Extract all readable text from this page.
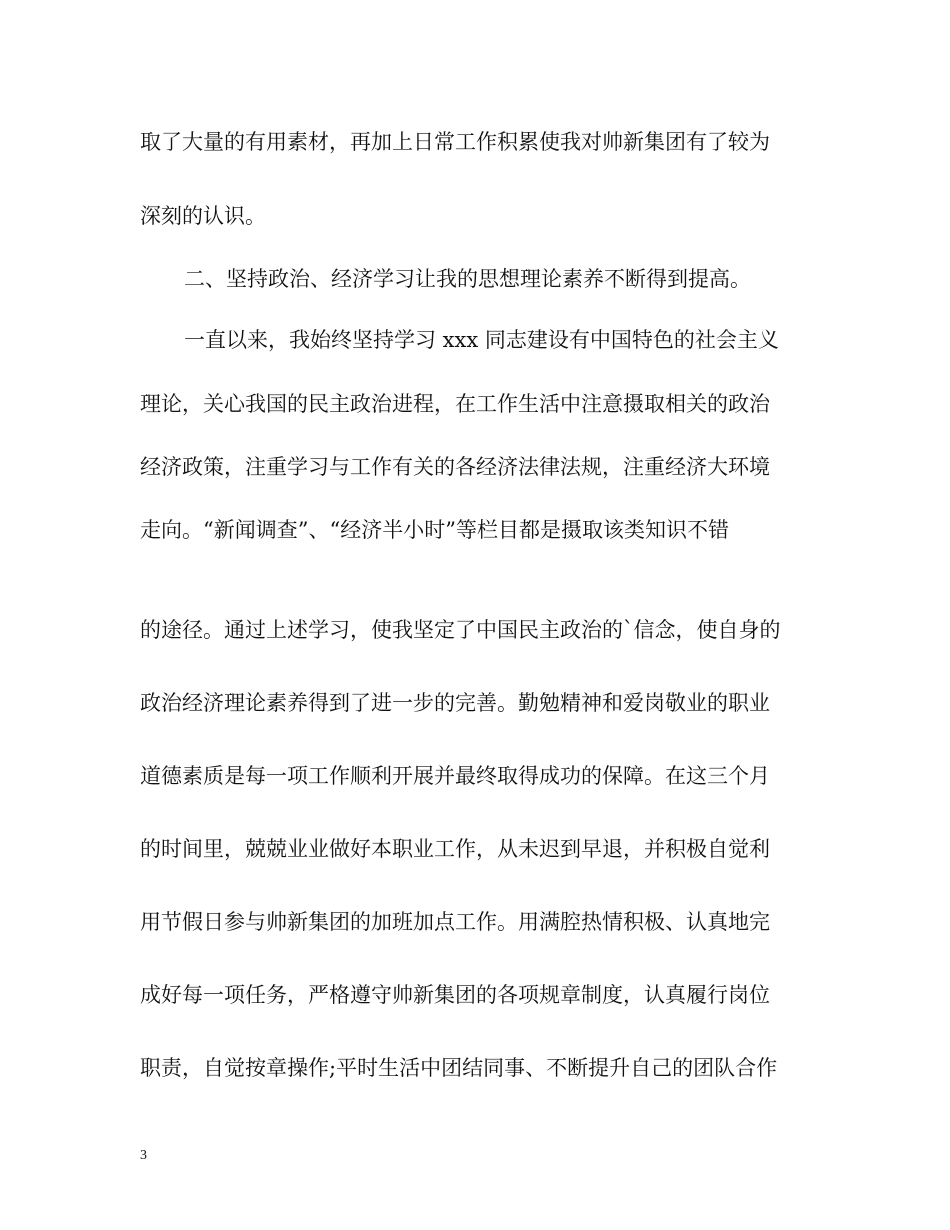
取了大量的有用素材，再加上日常工作积累使我对帅新集团有了较为
深刻的认识。
二、坚持政治、经济学习让我的思想理论素养不断得到提高。
一直以来，我始终坚持学习 xxx 同志建设有中国特色的社会主义
理论，关心我国的民主政治进程，在工作生活中注意摄取相关的政治
经济政策，注重学习与工作有关的各经济法律法规，注重经济大环境
走向。“新闻调查”、“经济半小时”等栏目都是摄取该类知识不错
的途径。通过上述学习，使我坚定了中国民主政治的`信念，使自身的
政治经济理论素养得到了进一步的完善。勤勉精神和爱岗敬业的职业
道德素质是每一项工作顺利开展并最终取得成功的保障。在这三个月
的时间里，兢兢业业做好本职业工作，从未迟到早退，并积极自觉利
用节假日参与帅新集团的加班加点工作。用满腔热情积极、认真地完
成好每一项任务，严格遵守帅新集团的各项规章制度，认真履行岗位
职责，自觉按章操作;平时生活中团结同事、不断提升自己的团队合作
3
